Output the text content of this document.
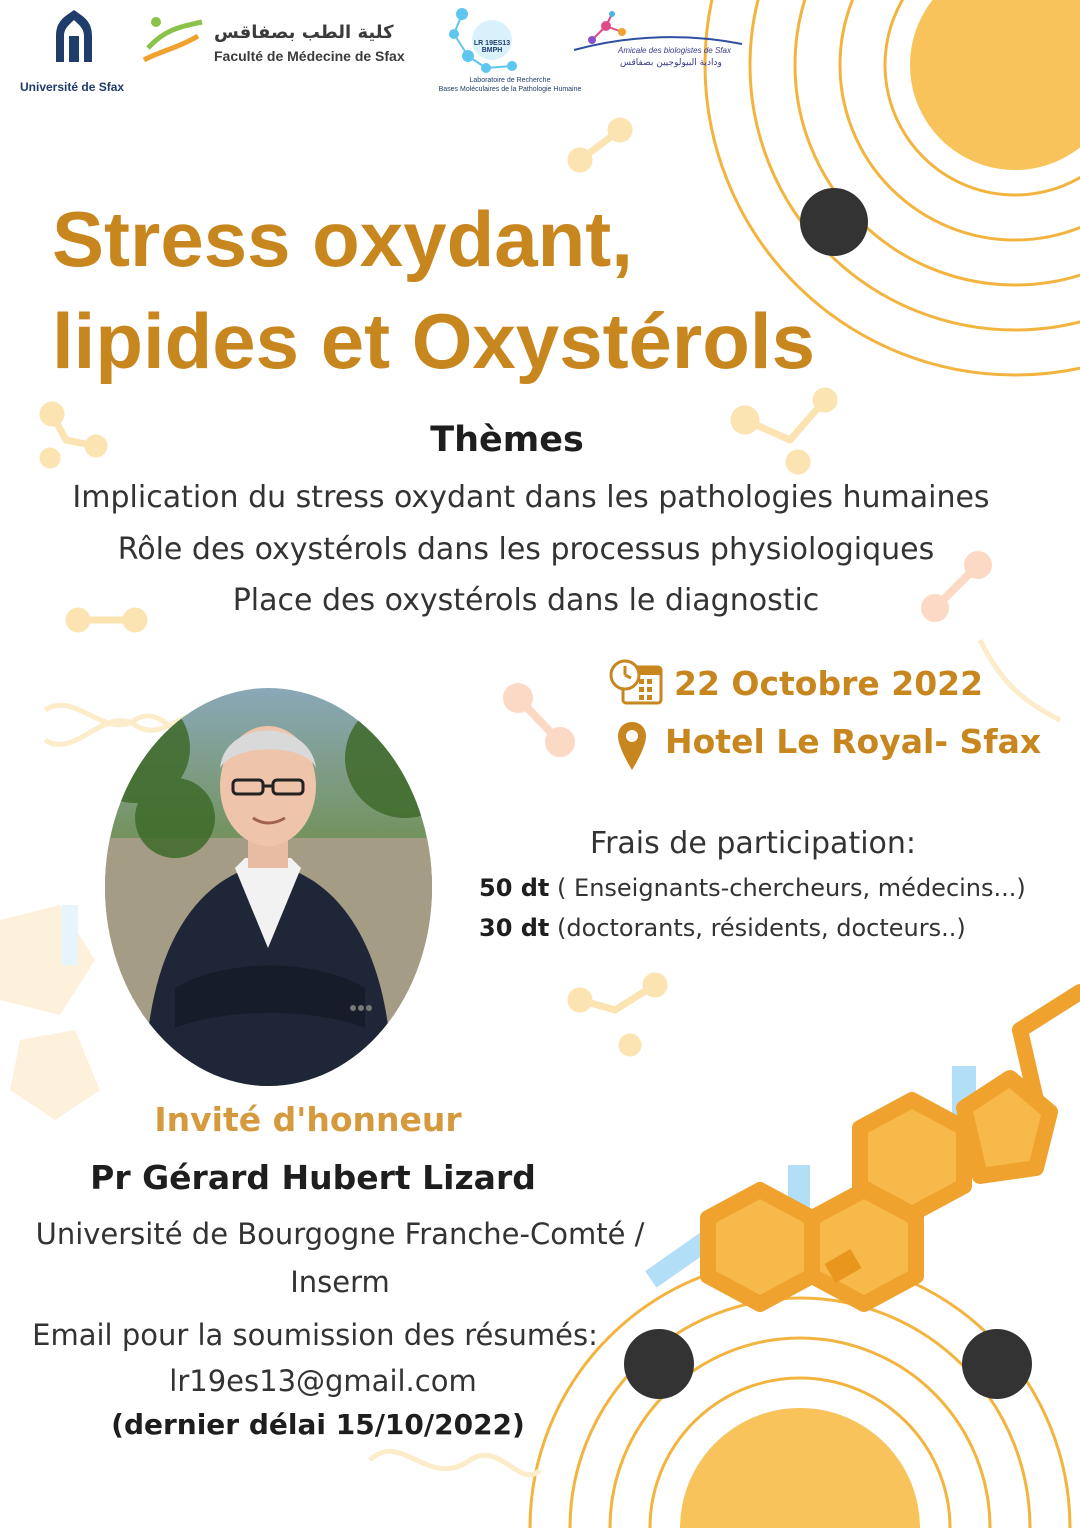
Université de Sfax
كلية الطب بصفاقس
Faculté de Médecine de Sfax
LR 19ES13 BMPH
Laboratoire de Recherche
Bases Moléculaires de la Pathologie Humaine
Amicale des biologistes de Sfax
ودادية البيولوجيين بصفاقس
Stress oxydant,
lipides et Oxystérols
Thèmes
Implication du stress oxydant dans les pathologies humaines
Rôle des oxystérols dans les processus physiologiques
Place des oxystérols dans le diagnostic
22 Octobre 2022
Hotel Le Royal- Sfax
Frais de participation:
50 dt ( Enseignants-chercheurs, médecins...)
30 dt (doctorants, résidents, docteurs..)
Invité d'honneur
Pr Gérard Hubert Lizard
Université de Bourgogne Franche-Comté /
Inserm
Email pour la soumission des résumés:
lr19es13@gmail.com
(dernier délai 15/10/2022)
